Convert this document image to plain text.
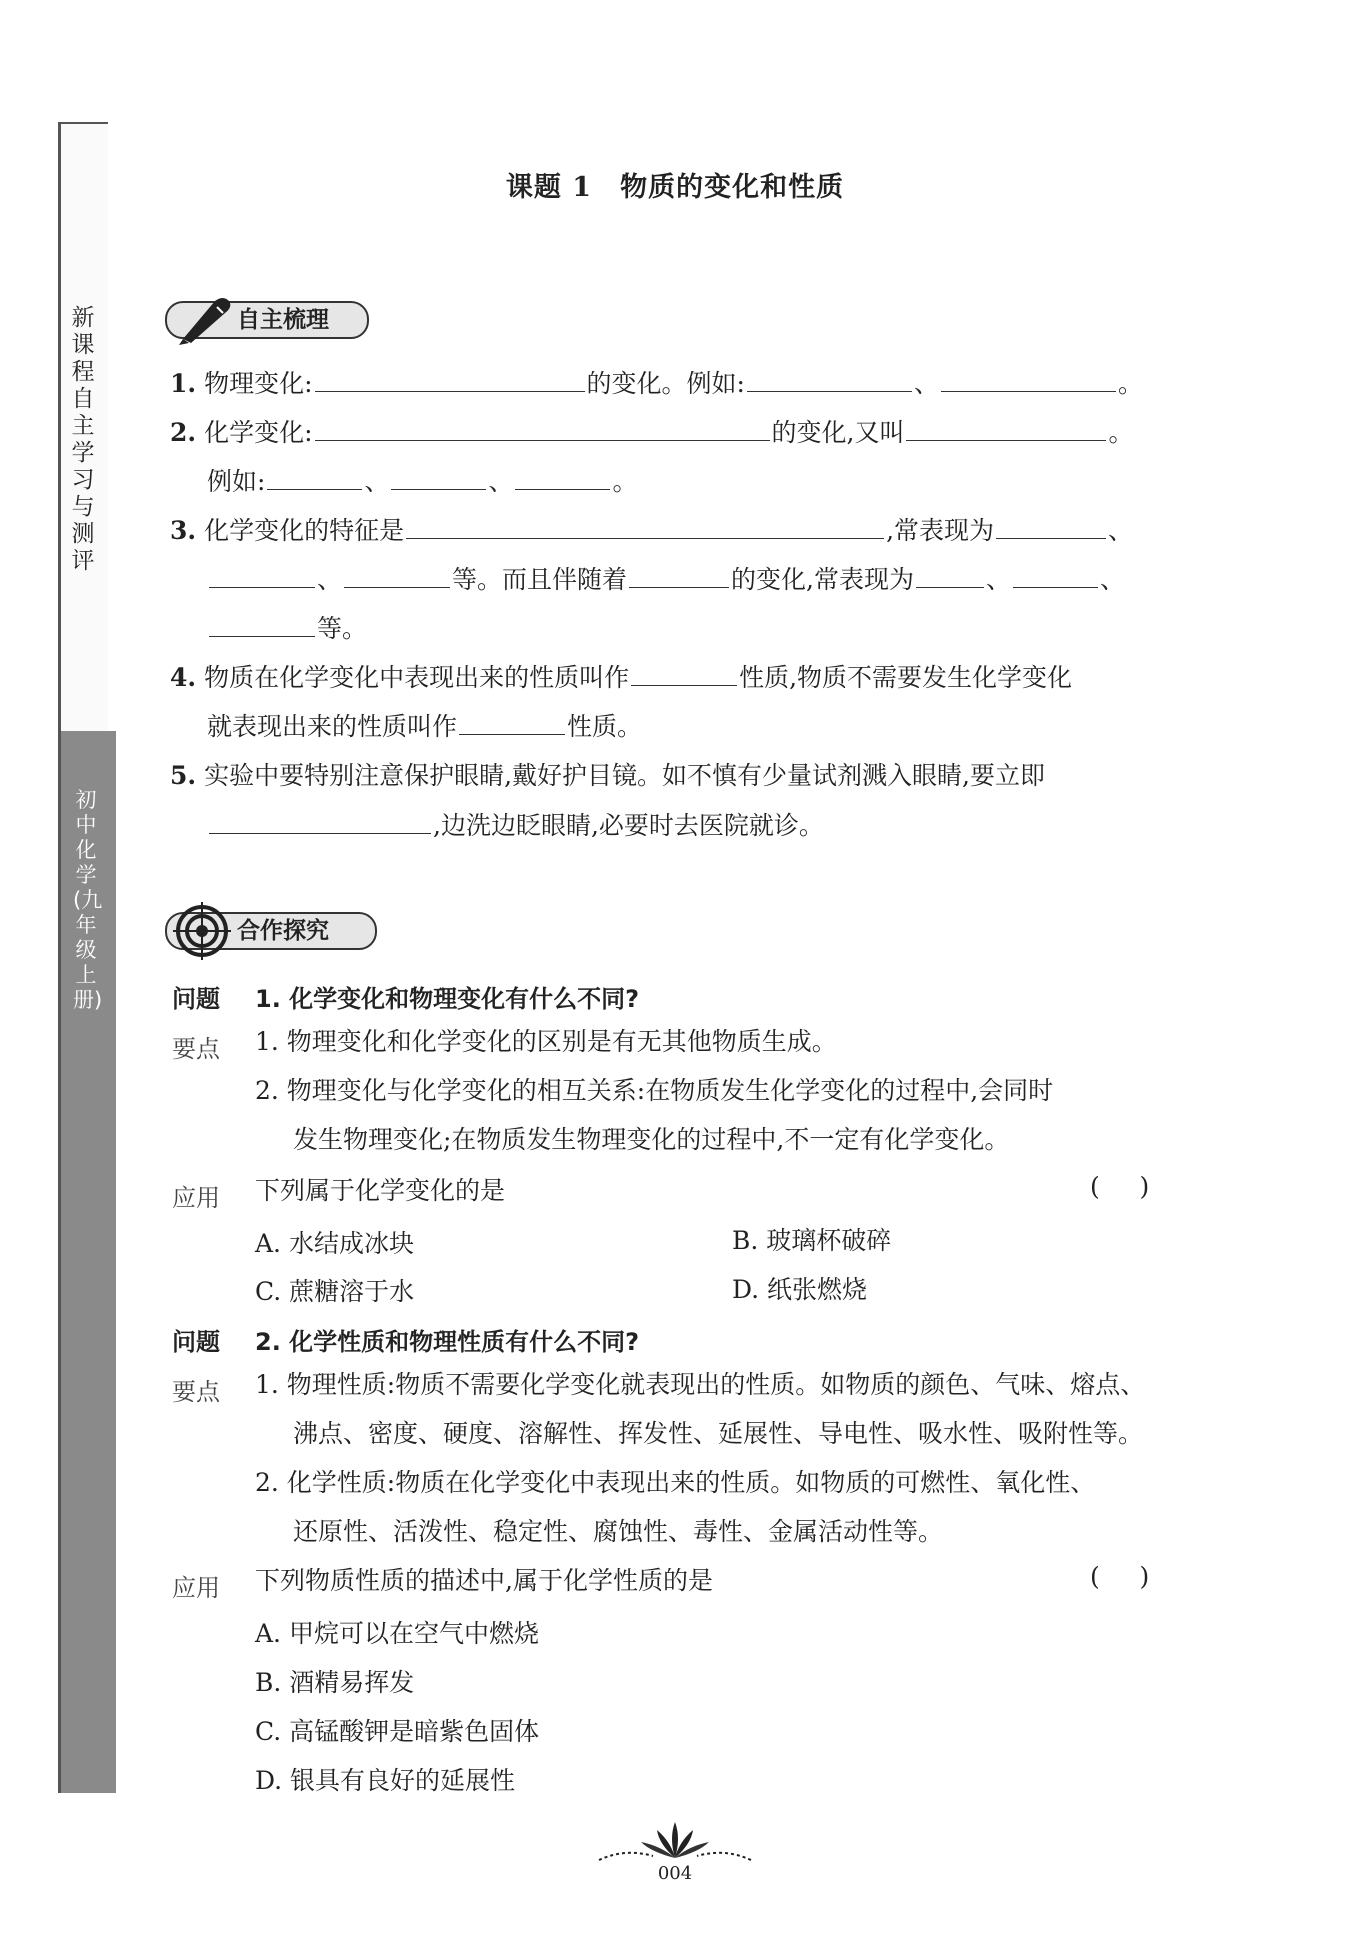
新课程自主学习与测评
初中化学(九年级上册)
课题 1 物质的变化和性质
自主梳理
1. 物理变化:	的变化。例如:	、	。
2. 化学变化:	的变化,又叫	。
例如:	、	、	。
3. 化学变化的特征是	,常表现为	、
、	等。而且伴随着	的变化,常表现为	、	、
等。
4. 物质在化学变化中表现出来的性质叫作	性质,物质不需要发生化学变化
就表现出来的性质叫作	性质。
5. 实验中要特别注意保护眼睛,戴好护目镜。如不慎有少量试剂溅入眼睛,要立即
,边洗边眨眼睛,必要时去医院就诊。
合作探究
问题 1. 化学变化和物理变化有什么不同?
要点 1. 物理变化和化学变化的区别是有无其他物质生成。
2. 物理变化与化学变化的相互关系:在物质发生化学变化的过程中,会同时
发生物理变化;在物质发生物理变化的过程中,不一定有化学变化。
应用 下列属于化学变化的是	(     )
A. 水结成冰块	B. 玻璃杯破碎
C. 蔗糖溶于水	D. 纸张燃烧
问题 2. 化学性质和物理性质有什么不同?
要点 1. 物理性质:物质不需要化学变化就表现出的性质。如物质的颜色、气味、熔点、
沸点、密度、硬度、溶解性、挥发性、延展性、导电性、吸水性、吸附性等。
2. 化学性质:物质在化学变化中表现出来的性质。如物质的可燃性、氧化性、
还原性、活泼性、稳定性、腐蚀性、毒性、金属活动性等。
应用 下列物质性质的描述中,属于化学性质的是	(     )
A. 甲烷可以在空气中燃烧
B. 酒精易挥发
C. 高锰酸钾是暗紫色固体
D. 银具有良好的延展性
004
